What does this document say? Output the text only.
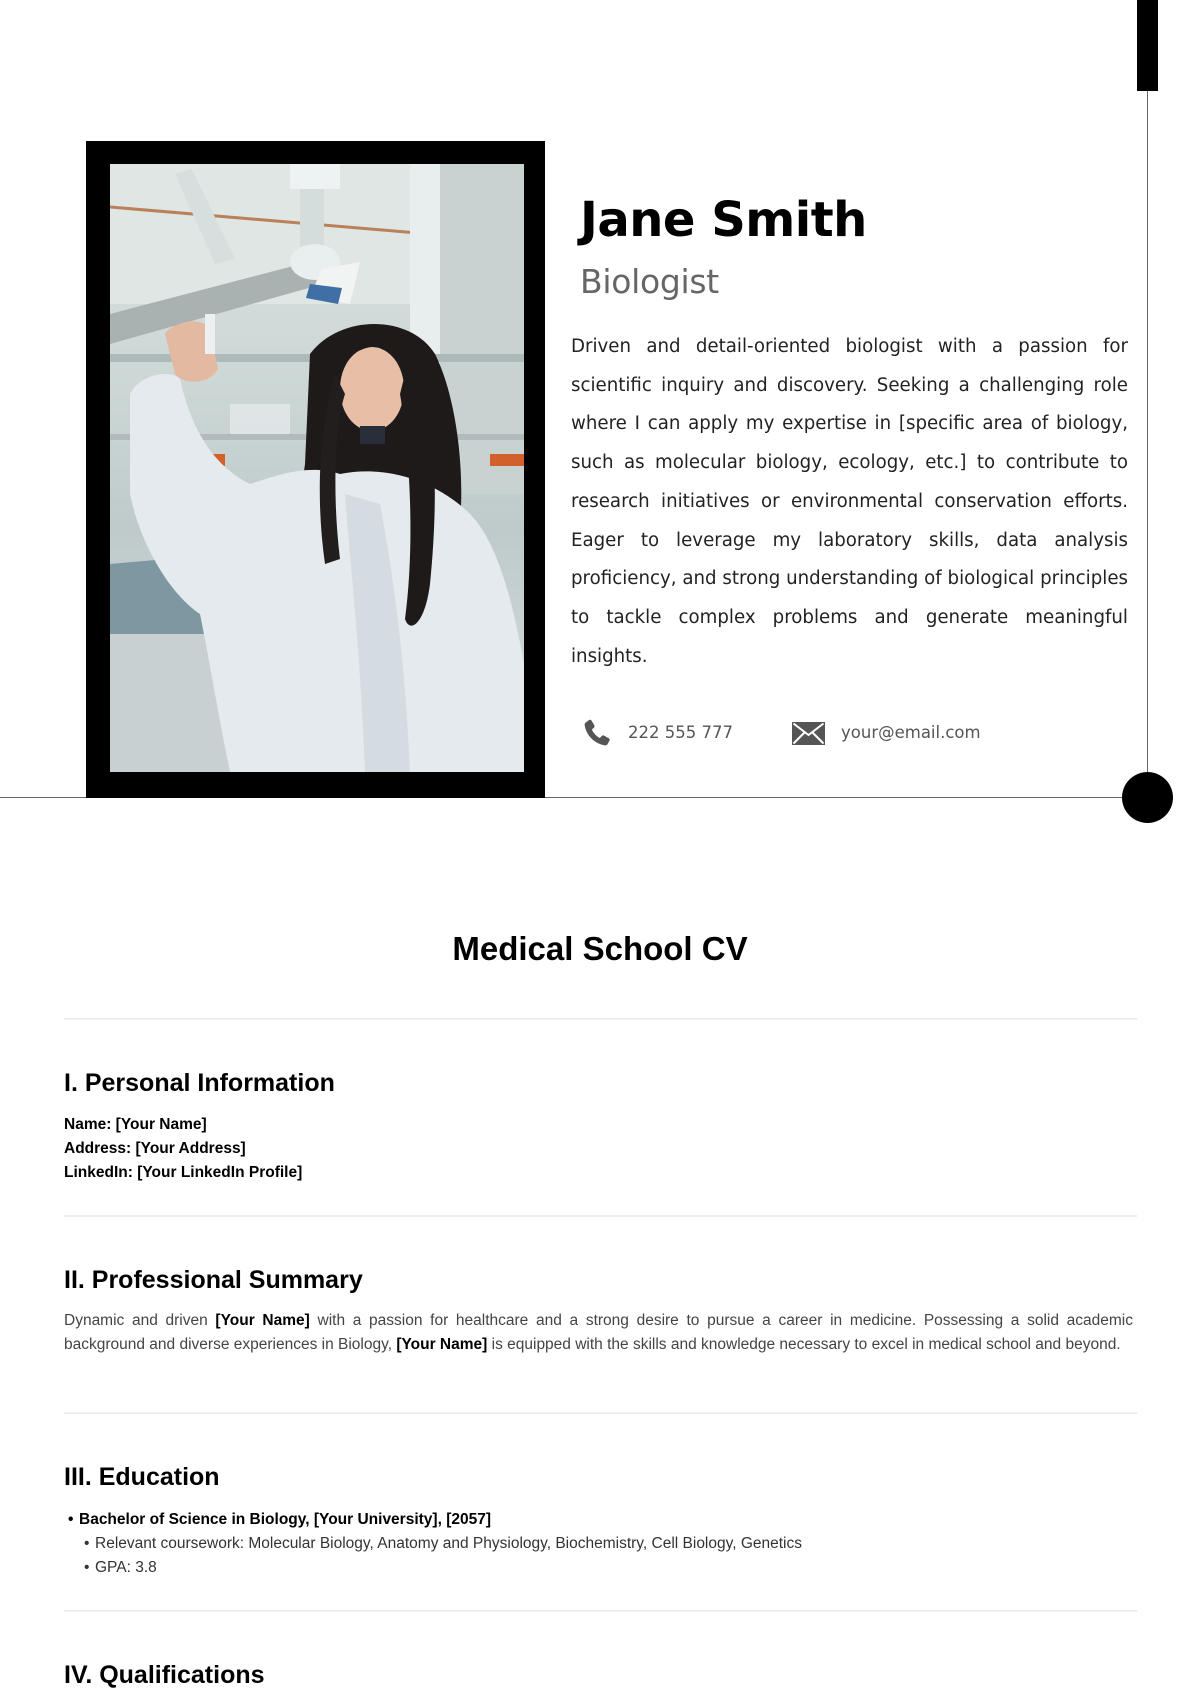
Jane Smith
Biologist
Driven and detail-oriented biologist with a passion for scientific inquiry and discovery. Seeking a challenging role where I can apply my expertise in [specific area of biology, such as molecular biology, ecology, etc.] to contribute to research initiatives or environmental conservation efforts. Eager to leverage my laboratory skills, data analysis proficiency, and strong understanding of biological principles to tackle complex problems and generate meaningful insights.
222 555 777	your@email.com
Medical School CV
I. Personal Information
Name: [Your Name]
Address: [Your Address]
LinkedIn: [Your LinkedIn Profile]
II. Professional Summary
Dynamic and driven [Your Name] with a passion for healthcare and a strong desire to pursue a career in medicine. Possessing a solid academic background and diverse experiences in Biology, [Your Name] is equipped with the skills and knowledge necessary to excel in medical school and beyond.
III. Education
• Bachelor of Science in Biology, [Your University], [2057]
• Relevant coursework: Molecular Biology, Anatomy and Physiology, Biochemistry, Cell Biology, Genetics
• GPA: 3.8
IV. Qualifications
